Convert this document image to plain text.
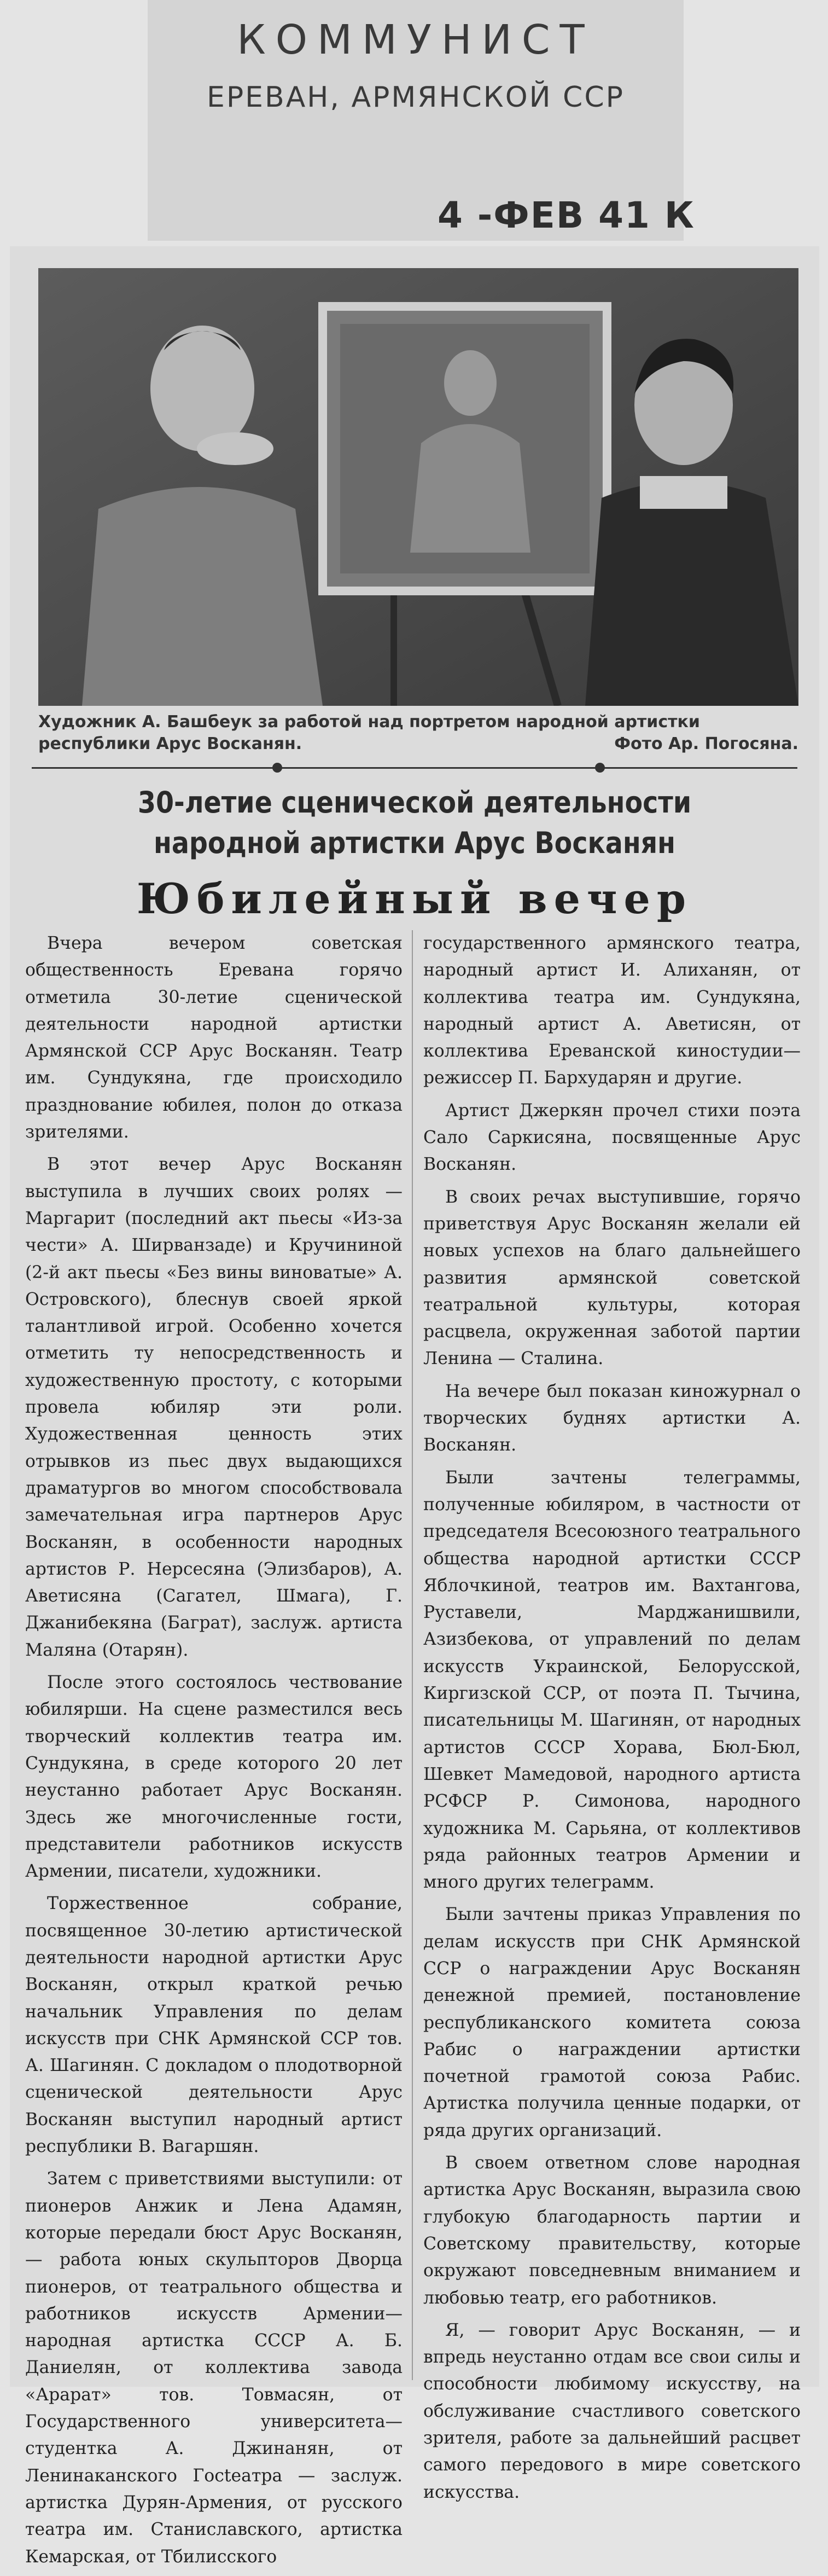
КОММУНИСТ
ЕРЕВАН, АРМЯНСКОЙ ССР
4 -ФЕВ 41 К
Художник А. Башбеук за работой над портретом народной артистки республики Арус Восканян.	Фото Ар. Погосяна.
30-летие сценической деятельности народной артистки Арус Восканян
Юбилейный вечер

Вчера вечером советская общественность Еревана горячо отметила 30-летие сценической деятельности народной артистки Армянской ССР Арус Восканян. Театр им. Сундукяна, где происходило празднование юбилея, полон до отказа зрителями.

В этот вечер Арус Восканян выступила в лучших своих ролях — Маргарит (последний акт пьесы «Из-за чести» А. Ширванзаде) и Кручининой (2-й акт пьесы «Без вины виноватые» А. Островского), блеснув своей яркой талантливой игрой. Особенно хочется отметить ту непосредственность и художественную простоту, с которыми провела юбиляр эти роли. Художественная ценность этих отрывков из пьес двух выдающихся драматургов во многом способствовала замечательная игра партнеров Арус Восканян, в особенности народных артистов Р. Нерсесяна (Элизбаров), А. Аветисяна (Сагател, Шмага), Г. Джанибекяна (Баграт), заслуж. артиста Маляна (Отарян).

После этого состоялось чествование юбилярши. На сцене разместился весь творческий коллектив театра им. Сундукяна, в среде которого 20 лет неустанно работает Арус Восканян. Здесь же многочисленные гости, представители работников искусств Армении, писатели, художники.

Торжественное собрание, посвященное 30-летию артистической деятельности народной артистки Арус Восканян, открыл краткой речью начальник Управления по делам искусств при СНК Армянской ССР тов. А. Шагинян. С докладом о плодотворной сценической деятельности Арус Восканян выступил народный артист республики В. Вагаршян.

Затем с приветствиями выступили: от пионеров Анжик и Лена Адамян, которые передали бюст Арус Восканян, — работа юных скульпторов Дворца пионеров, от театрального общества и работников искусств Армении—народная артистка СССР А. Б. Даниелян, от коллектива завода «Арарат» тов. Товмасян, от Государственного университета—студентка А. Джинанян, от Ленинаканского Госteатра — заслуж. артистка Дурян-Армения, от русского театра им. Станиславского, артистка Кемарская, от Тбилисского

государственного армянского театра, народный артист И. Алиханян, от коллектива театра им. Сундукяна, народный артист А. Аветисян, от коллектива Ереванской киностудии—режиссер П. Бархударян и другие.

Артист Джеркян прочел стихи поэта Сало Саркисяна, посвященные Арус Восканян.

В своих речах выступившие, горячо приветствуя Арус Восканян желали ей новых успехов на благо дальнейшего развития армянской советской театральной культуры, которая расцвела, окруженная заботой партии Ленина — Сталина.

На вечере был показан киножурнал о творческих буднях артистки А. Восканян.

Были зачтены телеграммы, полученные юбиляром, в частности от председателя Всесоюзного театрального общества народной артистки СССР Яблочкиной, театров им. Вахтангова, Руставели, Марджанишвили, Азизбекова, от управлений по делам искусств Украинской, Белорусской, Киргизской ССР, от поэта П. Тычина, писательницы М. Шагинян, от народных артистов СССР Хорава, Бюл-Бюл, Шевкет Мамедовой, народного артиста РСФСР Р. Симонова, народного художника М. Сарьяна, от коллективов ряда районных театров Армении и много других телеграмм.

Были зачтены приказ Управления по делам искусств при СНК Армянской ССР о награждении Арус Восканян денежной премией, постановление республиканского комитета союза Рабис о награждении артистки почетной грамотой союза Рабис. Артистка получила ценные подарки, от ряда других организаций.

В своем ответном слове народная артистка Арус Восканян, выразила свою глубокую благодарность партии и Советскому правительству, которые окружают повседневным вниманием и любовью театр, его работников.

Я, — говорит Арус Восканян, — и впредь неустанно отдам все свои силы и способности любимому искусству, на обслуживание счастливого советского зрителя, работе за дальнейший расцвет самого передового в мире советского искусства.
